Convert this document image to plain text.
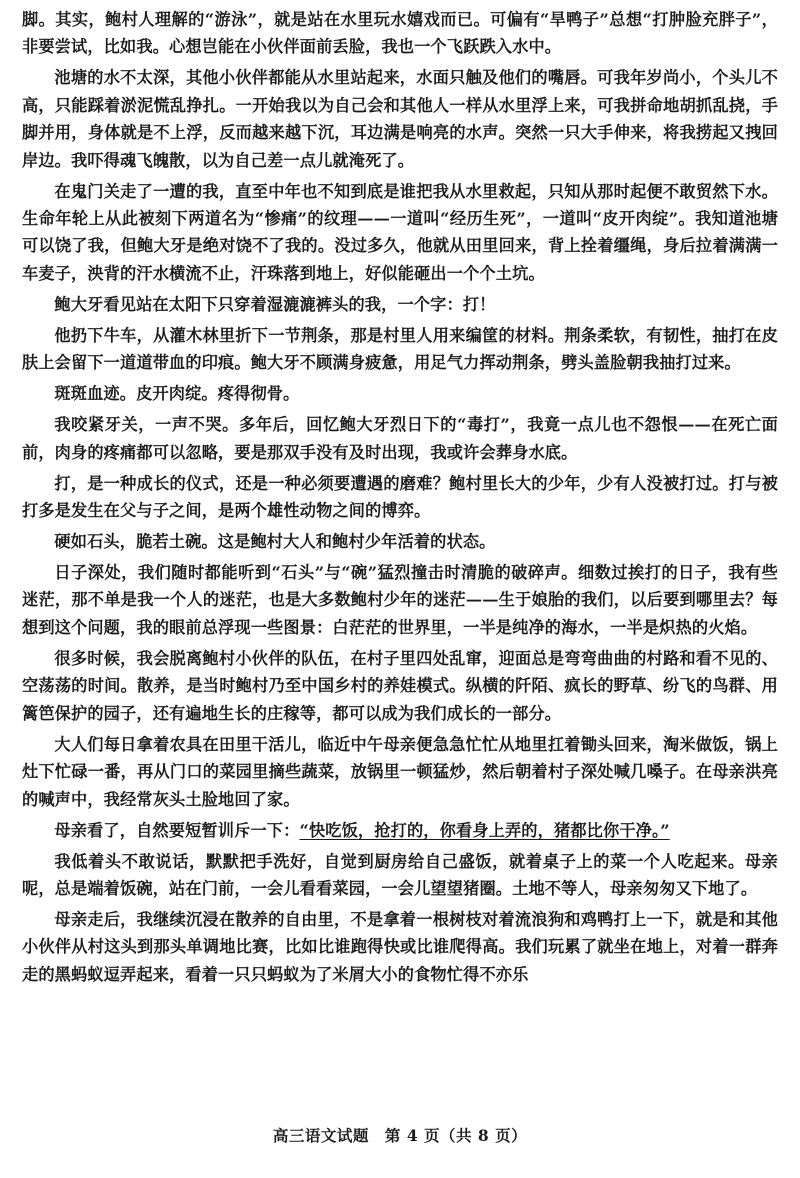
脚。其实，鲍村人理解的“游泳”，就是站在水里玩水嬉戏而已。可偏有“旱鸭子”总想“打肿脸充胖子”，非要尝试，比如我。心想岂能在小伙伴面前丢脸，我也一个飞跃跌入水中。

池塘的水不太深，其他小伙伴都能从水里站起来，水面只触及他们的嘴唇。可我年岁尚小，个头儿不高，只能踩着淤泥慌乱挣扎。一开始我以为自己会和其他人一样从水里浮上来，可我拼命地胡抓乱挠，手脚并用，身体就是不上浮，反而越来越下沉，耳边满是响亮的水声。突然一只大手伸来，将我捞起又拽回岸边。我吓得魂飞魄散，以为自己差一点儿就淹死了。

在鬼门关走了一遭的我，直至中年也不知到底是谁把我从水里救起，只知从那时起便不敢贸然下水。生命年轮上从此被刻下两道名为“惨痛”的纹理——一道叫“经历生死”，一道叫“皮开肉绽”。我知道池塘可以饶了我，但鲍大牙是绝对饶不了我的。没过多久，他就从田里回来，背上拴着缰绳，身后拉着满满一车麦子，泱背的汗水横流不止，汗珠落到地上，好似能砸出一个个土坑。

鲍大牙看见站在太阳下只穿着湿漉漉裤头的我，一个字：打！

他扔下牛车，从灌木林里折下一节荆条，那是村里人用来编筐的材料。荆条柔软，有韧性，抽打在皮肤上会留下一道道带血的印痕。鲍大牙不顾满身疲惫，用足气力挥动荆条，劈头盖脸朝我抽打过来。

斑斑血迹。皮开肉绽。疼得彻骨。

我咬紧牙关，一声不哭。多年后，回忆鲍大牙烈日下的“毒打”，我竟一点儿也不怨恨——在死亡面前，肉身的疼痛都可以忽略，要是那双手没有及时出现，我或许会葬身水底。

打，是一种成长的仪式，还是一种必须要遭遇的磨难？鲍村里长大的少年，少有人没被打过。打与被打多是发生在父与子之间，是两个雄性动物之间的博弈。

硬如石头，脆若土碗。这是鲍村大人和鲍村少年活着的状态。

日子深处，我们随时都能听到“石头”与“碗”猛烈撞击时清脆的破碎声。细数过挨打的日子，我有些迷茫，那不单是我一个人的迷茫，也是大多数鲍村少年的迷茫——生于娘胎的我们，以后要到哪里去？每想到这个问题，我的眼前总浮现一些图景：白茫茫的世界里，一半是纯净的海水，一半是炽热的火焰。

很多时候，我会脱离鲍村小伙伴的队伍，在村子里四处乱窜，迎面总是弯弯曲曲的村路和看不见的、空荡荡的时间。散养，是当时鲍村乃至中国乡村的养娃模式。纵横的阡陌、疯长的野草、纷飞的鸟群、用篱笆保护的园子，还有遍地生长的庄稼等，都可以成为我们成长的一部分。

大人们每日拿着农具在田里干活儿，临近中午母亲便急急忙忙从地里扛着锄头回来，淘米做饭，锅上灶下忙碌一番，再从门口的菜园里摘些蔬菜，放锅里一顿猛炒，然后朝着村子深处喊几嗓子。在母亲洪亮的喊声中，我经常灰头土脸地回了家。

母亲看了，自然要短暂训斥一下：“快吃饭，抢打的，你看身上弄的，猪都比你干净。”

我低着头不敢说话，默默把手洗好，自觉到厨房给自己盛饭，就着桌子上的菜一个人吃起来。母亲呢，总是端着饭碗，站在门前，一会儿看看菜园，一会儿望望猪圈。土地不等人，母亲匆匆又下地了。

母亲走后，我继续沉浸在散养的自由里，不是拿着一根树枝对着流浪狗和鸡鸭打上一下，就是和其他小伙伴从村这头到那头单调地比赛，比如比谁跑得快或比谁爬得高。我们玩累了就坐在地上，对着一群奔走的黑蚂蚁逗弄起来，看着一只只蚂蚁为了米屑大小的食物忙得不亦乐

高三语文试题　第 4 页（共 8 页）
